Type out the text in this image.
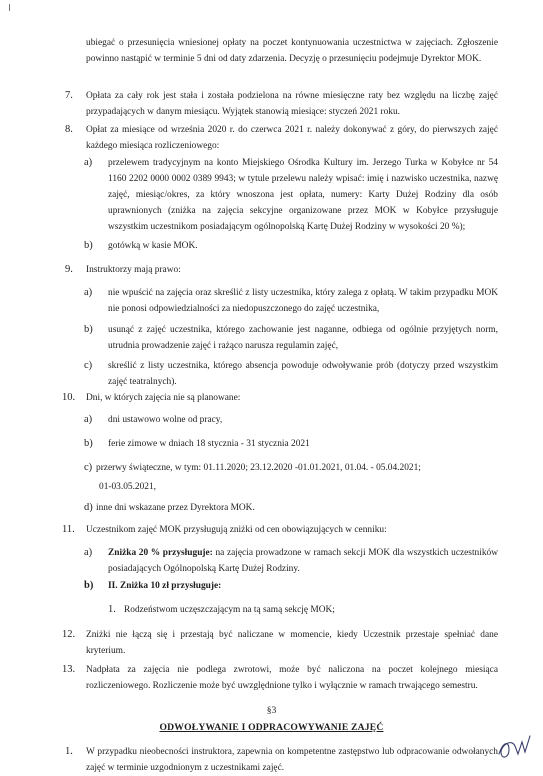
ubiegać o przesunięcia wniesionej opłaty na poczet kontynuowania uczestnictwa w zajęciach. Zgłoszenie powinno nastąpić w terminie 5 dni od daty zdarzenia. Decyzję o przesunięciu podejmuje Dyrektor MOK.
7. Opłata za cały rok jest stała i została podzielona na równe miesięczne raty bez względu na liczbę zajęć przypadających w danym miesiącu. Wyjątek stanowią miesiące: styczeń 2021 roku.
8. Opłat za miesiące od września 2020 r. do czerwca 2021 r. należy dokonywać z góry, do pierwszych zajęć każdego miesiąca rozliczeniowego:
a) przelewem tradycyjnym na konto Miejskiego Ośrodka Kultury im. Jerzego Turka w Kobyłce nr 54 1160 2202 0000 0002 0389 9943; w tytule przelewu należy wpisać: imię i nazwisko uczestnika, nazwę zajęć, miesiąc/okres, za który wnoszona jest opłata, numery: Karty Dużej Rodziny dla osób uprawnionych (zniżka na zajęcia sekcyjne organizowane przez MOK w Kobyłce przysługuje wszystkim uczestnikom posiadającym ogólnopolską Kartę Dużej Rodziny w wysokości 20 %);
b) gotówką w kasie MOK.
9. Instruktorzy mają prawo:
a) nie wpuścić na zajęcia oraz skreślić z listy uczestnika, który zalega z opłatą. W takim przypadku MOK nie ponosi odpowiedzialności za niedopuszczonego do zajęć uczestnika,
b) usunąć z zajęć uczestnika, którego zachowanie jest naganne, odbiega od ogólnie przyjętych norm, utrudnia prowadzenie zajęć i rażąco narusza regulamin zajęć,
c) skreślić z listy uczestnika, którego absencja powoduje odwoływanie prób (dotyczy przed wszystkim zajęć teatralnych).
10. Dni, w których zajęcia nie są planowane:
a) dni ustawowo wolne od pracy,
b) ferie zimowe w dniach 18 stycznia - 31 stycznia 2021
c) przerwy świąteczne, w tym: 01.11.2020; 23.12.2020 -01.01.2021, 01.04. - 05.04.2021;
01-03.05.2021,
d) inne dni wskazane przez Dyrektora MOK.
11. Uczestnikom zajęć MOK przysługują zniżki od cen obowiązujących w cenniku:
a) Zniżka 20 % przysługuje: na zajęcia prowadzone w ramach sekcji MOK dla wszystkich uczestników posiadających Ogólnopolską Kartę Dużej Rodziny.
b) II. Zniżka 10 zł przysługuje:
1. Rodzeństwom uczęszczającym na tą samą sekcję MOK;
12. Zniżki nie łączą się i przestają być naliczane w momencie, kiedy Uczestnik przestaje spełniać dane kryterium.
13. Nadpłata za zajęcia nie podlega zwrotowi, może być naliczona na poczet kolejnego miesiąca rozliczeniowego. Rozliczenie może być uwzględnione tylko i wyłącznie w ramach trwającego semestru.
§3
ODWOŁYWANIE I ODPRACOWYWANIE ZAJĘĆ
1. W przypadku nieobecności instruktora, zapewnia on kompetentne zastępstwo lub odpracowanie odwołanych zajęć w terminie uzgodnionym z uczestnikami zajęć.
